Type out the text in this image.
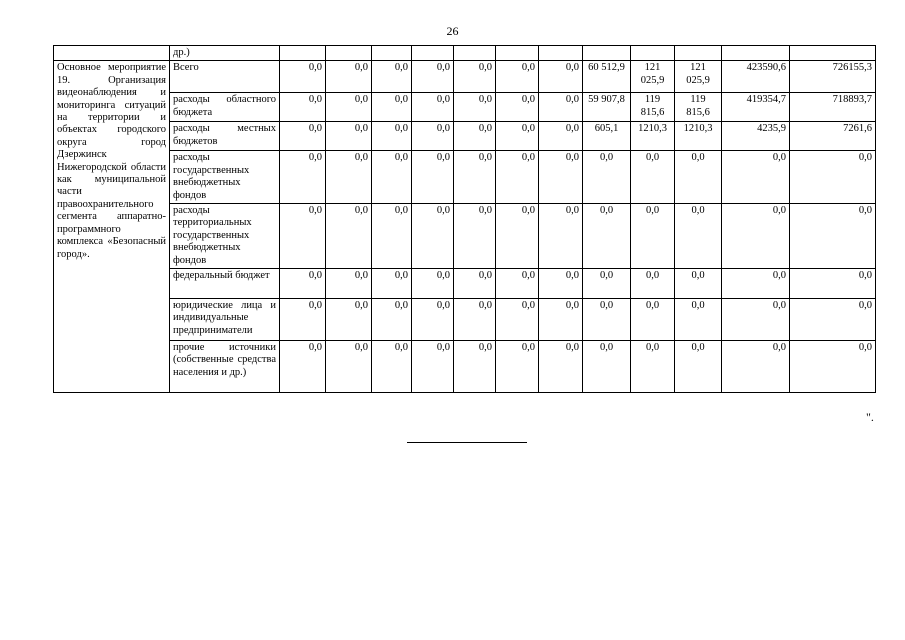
26
	др.)												
Основное мероприятие 19. Организация видеонаблюдения и мониторинга ситуаций на территории и объектах городского округа город Дзержинск Нижегородской области как муниципальной части правоохранительного сегмента аппаратно-программного комплекса «Безопасный город».	Всего	0,0	0,0	0,0	0,0	0,0	0,0	0,0	60 512,9	121 025,9	121 025,9	423590,6	726155,3
	расходы областного бюджета	0,0	0,0	0,0	0,0	0,0	0,0	0,0	59 907,8	119 815,6	119 815,6	419354,7	718893,7
	расходы местных бюджетов	0,0	0,0	0,0	0,0	0,0	0,0	0,0	605,1	1210,3	1210,3	4235,9	7261,6
	расходы государственных внебюджетных фондов	0,0	0,0	0,0	0,0	0,0	0,0	0,0	0,0	0,0	0,0	0,0	0,0
	расходы территориальных государственных внебюджетных фондов	0,0	0,0	0,0	0,0	0,0	0,0	0,0	0,0	0,0	0,0	0,0	0,0
	федеральный бюджет	0,0	0,0	0,0	0,0	0,0	0,0	0,0	0,0	0,0	0,0	0,0	0,0
	юридические лица и индивидуальные предприниматели	0,0	0,0	0,0	0,0	0,0	0,0	0,0	0,0	0,0	0,0	0,0	0,0
	прочие источники (собственные средства населения и др.)	0,0	0,0	0,0	0,0	0,0	0,0	0,0	0,0	0,0	0,0	0,0	0,0
".
